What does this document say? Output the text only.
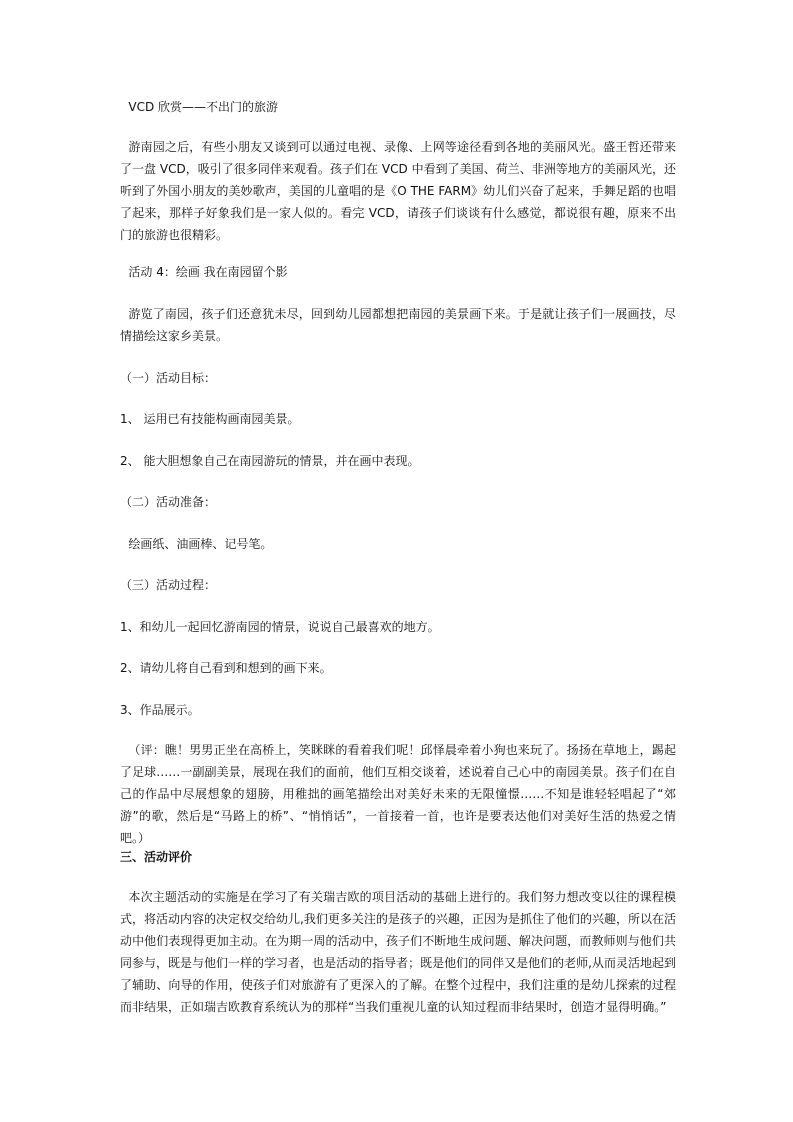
VCD 欣赏——不出门的旅游
游南园之后，有些小朋友又谈到可以通过电视、录像、上网等途径看到各地的美丽风光。盛王哲还带来了一盘 VCD，吸引了很多同伴来观看。孩子们在 VCD 中看到了美国、荷兰、非洲等地方的美丽风光，还听到了外国小朋友的美妙歌声，美国的儿童唱的是《O THE FARM》幼儿们兴奋了起来，手舞足蹈的也唱了起来，那样子好象我们是一家人似的。看完 VCD，请孩子们谈谈有什么感觉，都说很有趣，原来不出门的旅游也很精彩。
活动 4：绘画 我在南园留个影
游览了南园，孩子们还意犹未尽，回到幼儿园都想把南园的美景画下来。于是就让孩子们一展画技，尽情描绘这家乡美景。
（一）活动目标：
1、 运用已有技能构画南园美景。
2、 能大胆想象自己在南园游玩的情景，并在画中表现。
（二）活动准备：
绘画纸、油画棒、记号笔。
（三）活动过程：
1、和幼儿一起回忆游南园的情景，说说自己最喜欢的地方。
2、请幼儿将自己看到和想到的画下来。
3、作品展示。
（评：瞧！男男正坐在高桥上，笑眯眯的看着我们呢！邱怿晨牵着小狗也来玩了。扬扬在草地上，踢起了足球……一副副美景，展现在我们的面前，他们互相交谈着，述说着自己心中的南园美景。孩子们在自己的作品中尽展想象的翅膀，用稚拙的画笔描绘出对美好未来的无限憧憬……不知是谁轻轻唱起了“郊游”的歌，然后是“马路上的桥”、“悄悄话”，一首接着一首，也许是要表达他们对美好生活的热爱之情吧。）
三、活动评价
本次主题活动的实施是在学习了有关瑞吉欧的项目活动的基础上进行的。我们努力想改变以往的课程模式，将活动内容的决定权交给幼儿,我们更多关注的是孩子的兴趣，正因为是抓住了他们的兴趣，所以在活动中他们表现得更加主动。在为期一周的活动中，孩子们不断地生成问题、解决问题，而教师则与他们共同参与，既是与他们一样的学习者，也是活动的指导者；既是他们的同伴又是他们的老师,从而灵活地起到了辅助、向导的作用，使孩子们对旅游有了更深入的了解。在整个过程中，我们注重的是幼儿探索的过程而非结果，正如瑞吉欧教育系统认为的那样“当我们重视儿童的认知过程而非结果时，创造才显得明确。”
